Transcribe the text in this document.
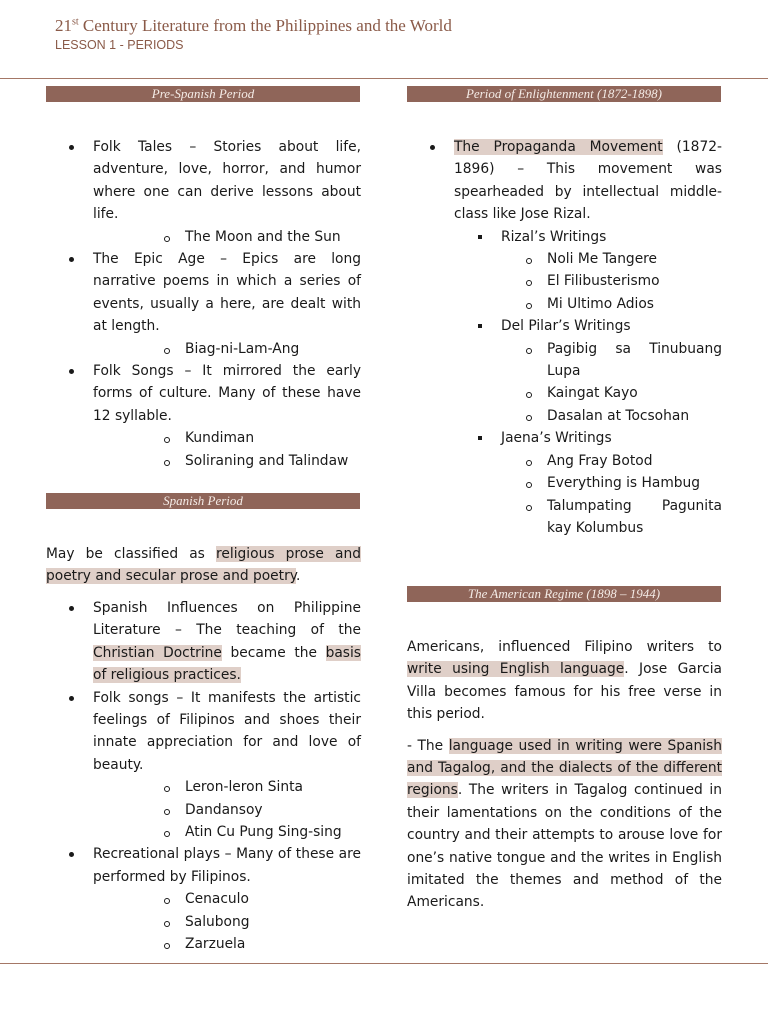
21st Century Literature from the Philippines and the World
LESSON 1 - PERIODS
Pre-Spanish Period
Folk Tales – Stories about life, adventure, love, horror, and humor where one can derive lessons about life.
The Moon and the Sun
The Epic Age – Epics are long narrative poems in which a series of events, usually a here, are dealt with at length.
Biag-ni-Lam-Ang
Folk Songs – It mirrored the early forms of culture. Many of these have 12 syllable.
Kundiman
Soliraning and Talindaw
Spanish Period

May be classified as religious prose and poetry and secular prose and poetry.

Spanish Influences on Philippine Literature – The teaching of the Christian Doctrine became the basis of religious practices.
Folk songs – It manifests the artistic feelings of Filipinos and shoes their innate appreciation for and love of beauty.
Leron-leron Sinta
Dandansoy
Atin Cu Pung Sing-sing
Recreational plays – Many of these are performed by Filipinos.
Cenaculo
Salubong
Zarzuela
Period of Enlightenment (1872-1898)
The Propaganda Movement (1872-1896) – This movement was spearheaded by intellectual middle-class like Jose Rizal.
Rizal’s Writings
Noli Me Tangere
El Filibusterismo
Mi Ultimo Adios
Del Pilar’s Writings
Pagibig sa Tinubuang Lupa
Kaingat Kayo
Dasalan at Tocsohan
Jaena’s Writings
Ang Fray Botod
Everything is Hambug
Talumpating Pagunita kay Kolumbus
The American Regime (1898 – 1944)

Americans, influenced Filipino writers to write using English language. Jose Garcia Villa becomes famous for his free verse in this period.

- The language used in writing were Spanish and Tagalog, and the dialects of the different regions. The writers in Tagalog continued in their lamentations on the conditions of the country and their attempts to arouse love for one’s native tongue and the writes in English imitated the themes and method of the Americans.
